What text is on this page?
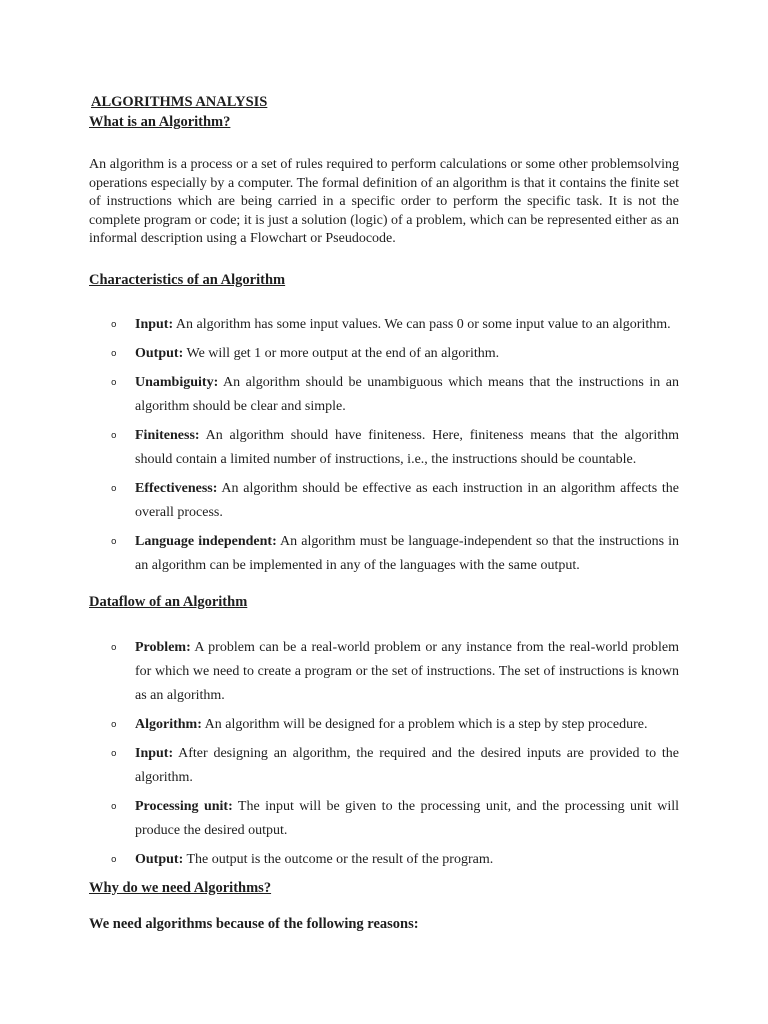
ALGORITHMS ANALYSIS
What is an Algorithm?

An algorithm is a process or a set of rules required to perform calculations or some other problemsolving operations especially by a computer. The formal definition of an algorithm is that it contains the finite set of instructions which are being carried in a specific order to perform the specific task. It is not the complete program or code; it is just a solution (logic) of a problem, which can be represented either as an informal description using a Flowchart or Pseudocode.

Characteristics of an Algorithm
o Input: An algorithm has some input values. We can pass 0 or some input value to an algorithm.
o Output: We will get 1 or more output at the end of an algorithm.
o Unambiguity: An algorithm should be unambiguous which means that the instructions in an algorithm should be clear and simple.
o Finiteness: An algorithm should have finiteness. Here, finiteness means that the algorithm should contain a limited number of instructions, i.e., the instructions should be countable.
o Effectiveness: An algorithm should be effective as each instruction in an algorithm affects the overall process.
o Language independent: An algorithm must be language-independent so that the instructions in an algorithm can be implemented in any of the languages with the same output.
Dataflow of an Algorithm
o Problem: A problem can be a real-world problem or any instance from the real-world problem for which we need to create a program or the set of instructions. The set of instructions is known as an algorithm.
o Algorithm: An algorithm will be designed for a problem which is a step by step procedure.
o Input: After designing an algorithm, the required and the desired inputs are provided to the algorithm.
o Processing unit: The input will be given to the processing unit, and the processing unit will produce the desired output.
o Output: The output is the outcome or the result of the program.
Why do we need Algorithms?

We need algorithms because of the following reasons:
